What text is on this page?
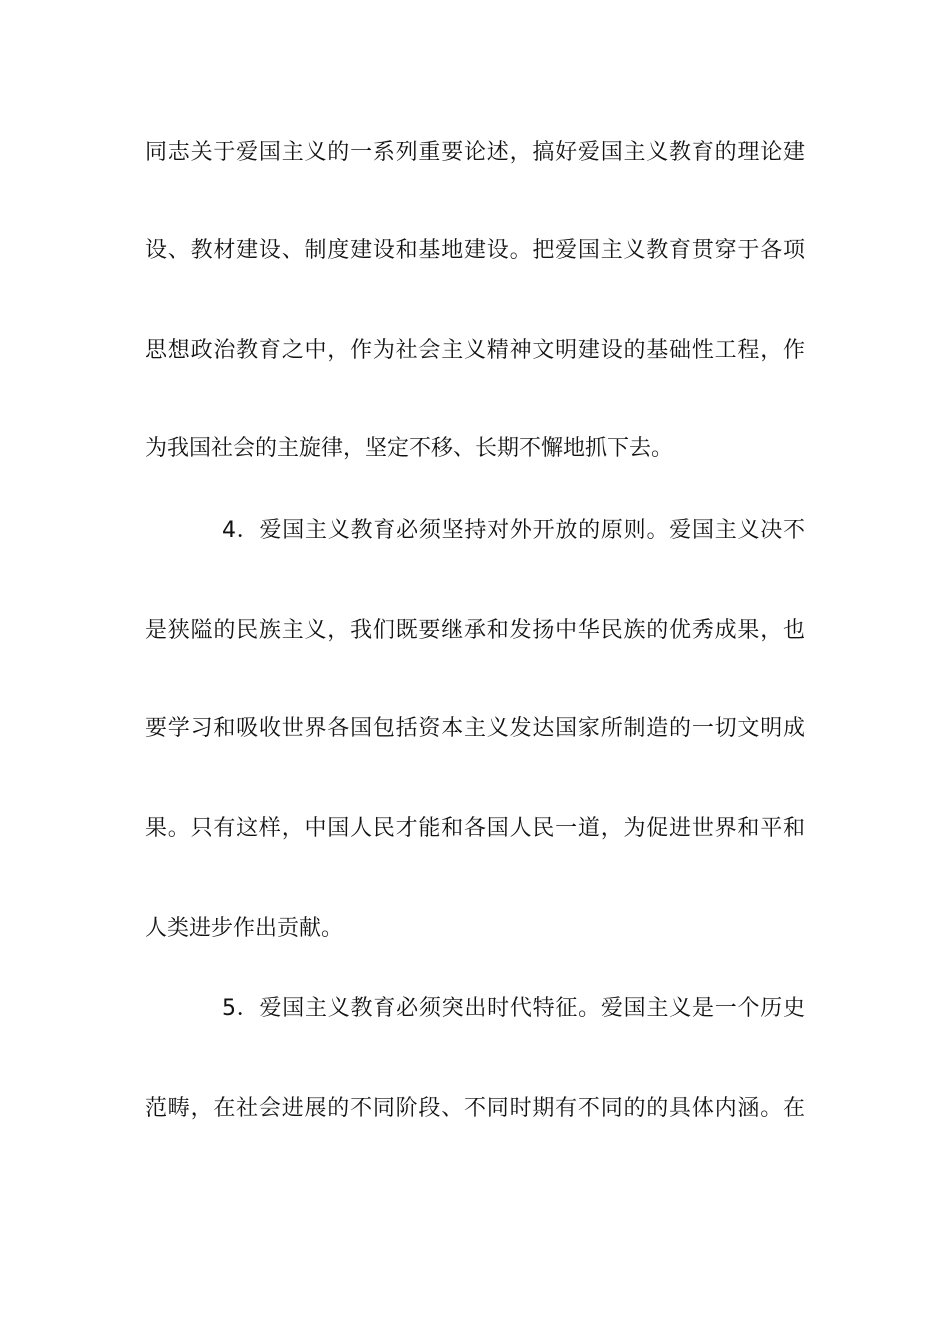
同志关于爱国主义的一系列重要论述，搞好爱国主义教育的理论建
设、教材建设、制度建设和基地建设。把爱国主义教育贯穿于各项
思想政治教育之中，作为社会主义精神文明建设的基础性工程，作
为我国社会的主旋律，坚定不移、长期不懈地抓下去。
4．爱国主义教育必须坚持对外开放的原则。爱国主义决不
是狭隘的民族主义，我们既要继承和发扬中华民族的优秀成果，也
要学习和吸收世界各国包括资本主义发达国家所制造的一切文明成
果。只有这样，中国人民才能和各国人民一道，为促进世界和平和
人类进步作出贡献。
5．爱国主义教育必须突出时代特征。爱国主义是一个历史
范畴，在社会进展的不同阶段、不同时期有不同的的具体内涵。在
